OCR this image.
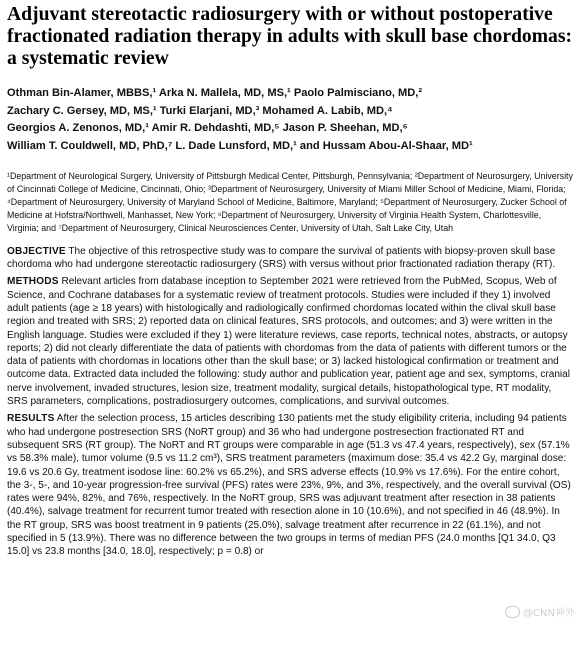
Adjuvant stereotactic radiosurgery with or without postoperative fractionated radiation therapy in adults with skull base chordomas: a systematic review
Othman Bin-Alamer, MBBS,¹ Arka N. Mallela, MD, MS,¹ Paolo Palmisciano, MD,²
Zachary C. Gersey, MD, MS,¹ Turki Elarjani, MD,³ Mohamed A. Labib, MD,⁴
Georgios A. Zenonos, MD,¹ Amir R. Dehdashti, MD,⁵ Jason P. Sheehan, MD,⁶
William T. Couldwell, MD, PhD,⁷ L. Dade Lunsford, MD,¹ and Hussam Abou-Al-Shaar, MD¹

¹Department of Neurological Surgery, University of Pittsburgh Medical Center, Pittsburgh, Pennsylvania; ²Department of Neurosurgery, University of Cincinnati College of Medicine, Cincinnati, Ohio; ³Department of Neurosurgery, University of Miami Miller School of Medicine, Miami, Florida; ⁴Department of Neurosurgery, University of Maryland School of Medicine, Baltimore, Maryland; ⁵Department of Neurosurgery, Zucker School of Medicine at Hofstra/Northwell, Manhasset, New York; ⁶Department of Neurosurgery, University of Virginia Health System, Charlottesville, Virginia; and ⁷Department of Neurosurgery, Clinical Neurosciences Center, University of Utah, Salt Lake City, Utah

OBJECTIVE The objective of this retrospective study was to compare the survival of patients with biopsy-proven skull base chordoma who had undergone stereotactic radiosurgery (SRS) with versus without prior fractionated radiation therapy (RT).

METHODS Relevant articles from database inception to September 2021 were retrieved from the PubMed, Scopus, Web of Science, and Cochrane databases for a systematic review of treatment protocols. Studies were included if they 1) involved adult patients (age ≥ 18 years) with histologically and radiologically confirmed chordomas located within the clival skull base region and treated with SRS; 2) reported data on clinical features, SRS protocols, and outcomes; and 3) were written in the English language. Studies were excluded if they 1) were literature reviews, case reports, technical notes, abstracts, or autopsy reports; 2) did not clearly differentiate the data of patients with chordomas from the data of patients with different tumors or the data of patients with chordomas in locations other than the skull base; or 3) lacked histological confirmation or treatment and outcome data. Extracted data included the following: study author and publication year, patient age and sex, symptoms, cranial nerve involvement, invaded structures, lesion size, treatment modality, surgical details, histopathological type, RT modality, SRS parameters, complications, postradiosurgery outcomes, complications, and survival outcomes.

RESULTS After the selection process, 15 articles describing 130 patients met the study eligibility criteria, including 94 patients who had undergone postresection SRS (NoRT group) and 36 who had undergone postresection fractionated RT and subsequent SRS (RT group). The NoRT and RT groups were comparable in age (51.3 vs 47.4 years, respectively), sex (57.1% vs 58.3% male), tumor volume (9.5 vs 11.2 cm³), SRS treatment parameters (maximum dose: 35.4 vs 42.2 Gy, marginal dose: 19.6 vs 20.6 Gy, treatment isodose line: 60.2% vs 65.2%), and SRS adverse effects (10.9% vs 17.6%). For the entire cohort, the 3-, 5-, and 10-year progression-free survival (PFS) rates were 23%, 9%, and 3%, respectively, and the overall survival (OS) rates were 94%, 82%, and 76%, respectively. In the NoRT group, SRS was adjuvant treatment after resection in 38 patients (40.4%), salvage treatment for recurrent tumor treated with resection alone in 10 (10.6%), and not specified in 46 (48.9%). In the RT group, SRS was boost treatment in 9 patients (25.0%), salvage treatment after recurrence in 22 (61.1%), and not specified in 5 (13.9%). There was no difference between the two groups in terms of median PFS (24.0 months [Q1 34.0, Q3 15.0] vs 23.8 months [34.0, 18.0], respectively; p = 0.8) or

@CNN神外
